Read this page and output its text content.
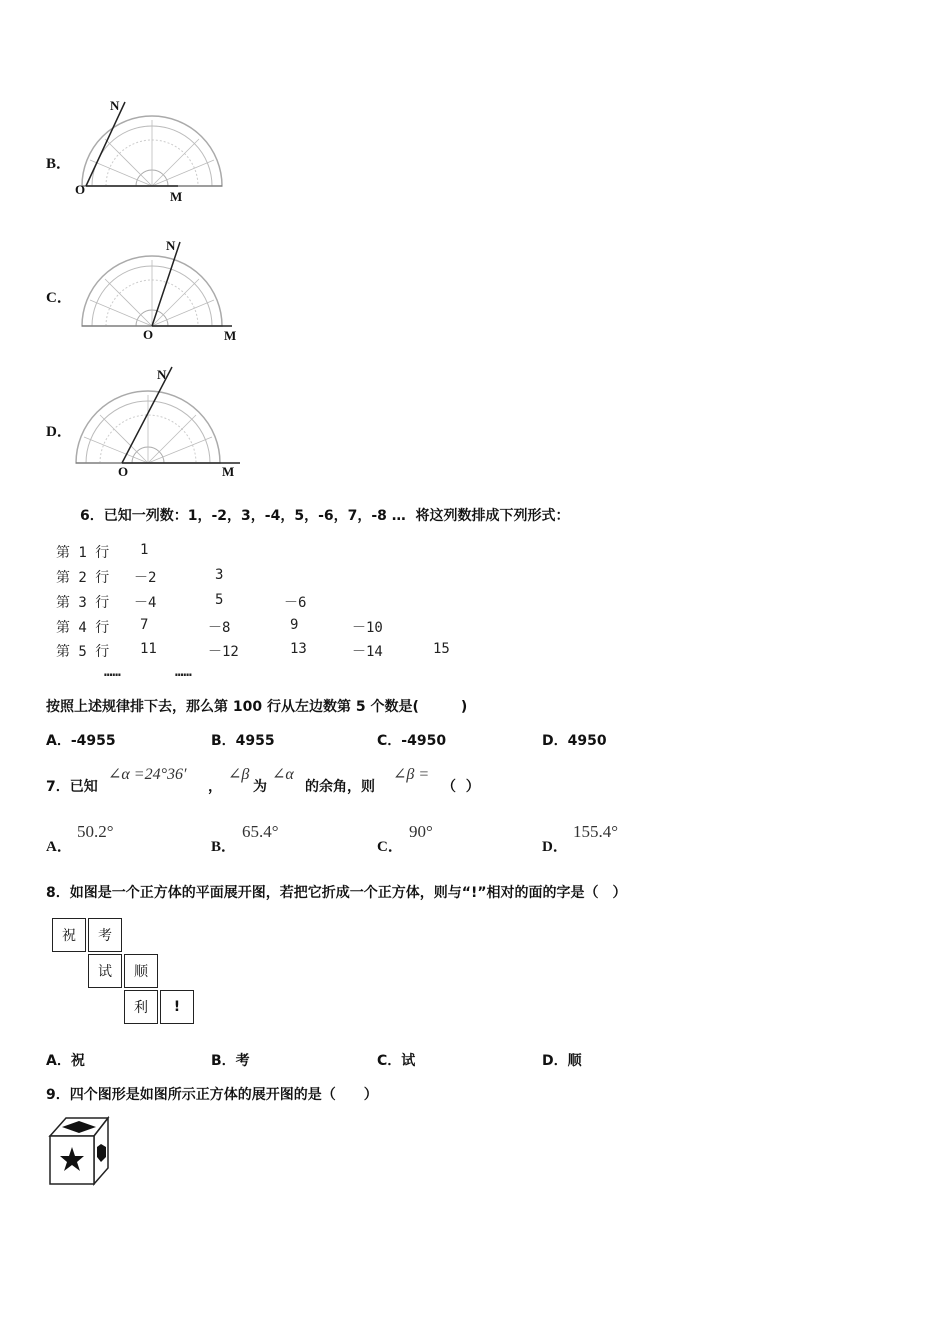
B．
N
O	M
C．
N
O	M
D．
N
O	M
6．已知一列数：1，-2，3，-4，5，-6，7，-8 …  将这列数排成下列形式：
第 1 行 1
第 2 行 －2	3
第 3 行 －4	5	－6
第 4 行 7	－8	9	－10
第 5 行 11	－12	13	－14	15
……	……
按照上述规律排下去，那么第 100 行从左边数第 5 个数是(　　　)
A．-4955	B．4955	C．-4950	D．4950
7．已知
∠α =24°36′
，
∠β
为
∠α
的余角，则
∠β =
（  ）
A．
50.2°
B．
65.4°
C．
90°
D．
155.4°
8．如图是一个正方体的平面展开图，若把它折成一个正方体，则与“!”相对的面的字是（　）
祝	考
试	顺
利	!
A．祝	B．考	C．试	D．顺
9．四个图形是如图所示正方体的展开图的是（　　）
